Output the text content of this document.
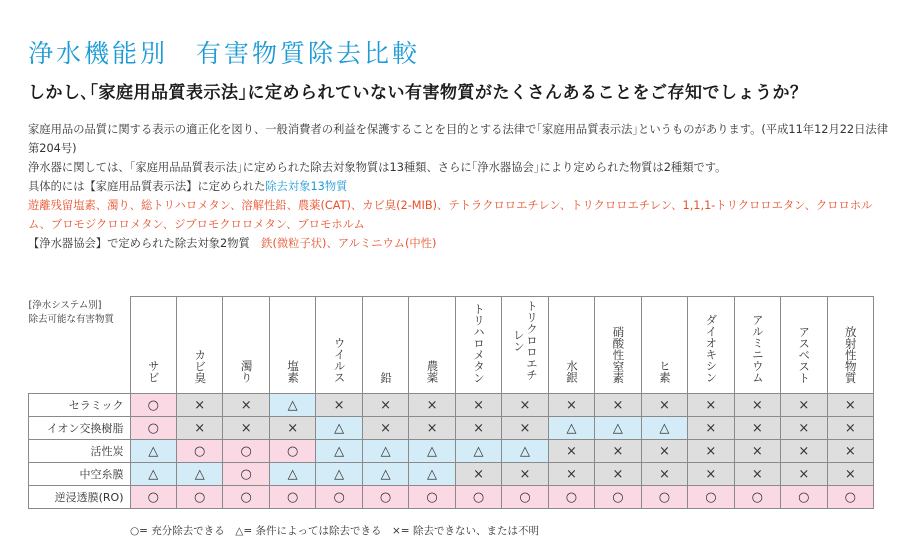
浄水機能別　有害物質除去比較
しかし､｢家庭用品質表示法｣に定められていない有害物質がたくさんあることをご存知でしょうか？

家庭用品の品質に関する表示の適正化を図り、一般消費者の利益を保護することを目的とする法律で｢家庭用品質表示法｣というものがあります。(平成11年12月22日法律第204号)

浄水器に関しては、｢家庭用品品質表示法｣に定められた除去対象物質は13種類、さらに｢浄水器協会｣により定められた物質は2種類です。

具体的には【家庭用品質表示法】に定められた除去対象13物質

遊離残留塩素、濁り、総トリハロメタン、溶解性鉛、農薬(CAT)、カビ臭(2-MIB)、テトラクロロエチレン、トリクロロエチレン、1,1,1-トリクロロエタン、クロロホルム、ブロモジクロロメタン、ジブロモクロロメタン、ブロモホルム

【浄水器協会】で定められた除去対象2物質　鉄(微粒子状)、アルミニウム(中性)

[浄水システム別]
除去可能な有害物質	サビ	カビ臭	濁り	塩素	ウイルス	鉛	農薬	トリハロメタン	トリクロロエチレン	水銀	硝酸性窒素	ヒ素	ダイオキシン	アルミニウム	アスベスト	放射性物質
セラミック	○	×	×	△	×	×	×	×	×	×	×	×	×	×	×	×
イオン交換樹脂	○	×	×	×	△	×	×	×	×	△	△	△	×	×	×	×
活性炭	△	○	○	○	△	△	△	△	△	×	×	×	×	×	×	×
中空糸膜	△	△	○	△	△	△	△	×	×	×	×	×	×	×	×	×
逆浸透膜(RO)	○	○	○	○	○	○	○	○	○	○	○	○	○	○	○	○
○= 充分除去できる　△= 条件によっては除去できる　×= 除去できない、または不明
